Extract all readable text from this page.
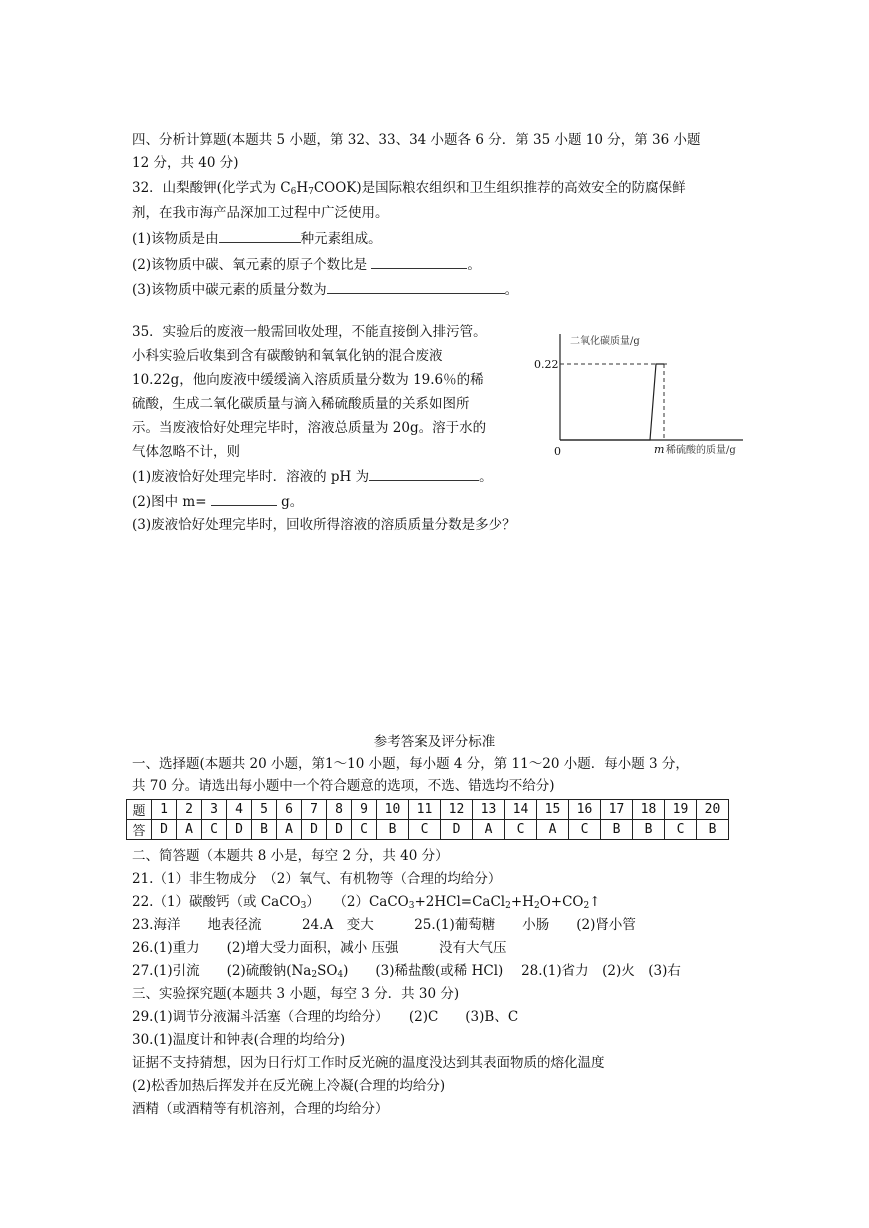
四、分析计算题(本题共 5 小题，第 32、33、34 小题各 6 分．第 35 小题 10 分，第 36 小题
12 分，共 40 分)
32．山梨酸钾(化学式为 $C_6H_7COOK$)是国际粮农组织和卫生组织推荐的高效安全的防腐保鲜
剂，在我市海产品深加工过程中广泛使用。
(1)该物质是由	种元素组成。
(2)该物质中碳、氧元素的原子个数比是	。
(3)该物质中碳元素的质量分数为	。
35．实验后的废液一般需回收处理，不能直接倒入排污管。
小科实验后收集到含有碳酸钠和氧氧化钠的混合废液
10.22g，他向废液中缓缓滴入溶质质量分数为 19.6％的稀
硫酸，生成二氧化碳质量与滴入稀硫酸质量的关系如图所
示。当废液恰好处理完毕时，溶液总质量为 20g。溶于水的
气体忽略不计，则
(1)废液恰好处理完毕时．溶液的 pH 为	。
(2)图中 m=	g。
(3)废液恰好处理完毕时，回收所得溶液的溶质质量分数是多少？
二氧化碳质量/g
0.22
0	m 稀硫酸的质量/g
参考答案及评分标准
一、选择题(本题共 20 小题，第1～10 小题，每小题 4 分，第 11～20 小题．每小题 3 分，
共 70 分。请选出每小题中一个符合题意的选项，不选、错选均不给分)
题	1	2	3	4	5	6	7	8	9	10	11	12	13	14	15	16	17	18	19	20
答	D	A	C	D	B	A	D	D	C	B	C	D	A	C	A	C	B	B	C	B
二、简答题（本题共 8 小是，每空 2 分，共 40 分）
21.（1）非生物成分　（2）氧气、有机物等（合理的均给分）
22.（1）碳酸钙（或 CaCO$_3$）　　$(2)CaCO_3+2HCl=CaCl_2+H_2O+CO_2↑$
23.海洋　　地表径流　　　24.A　变大　　　25.(1)葡萄糖　　小肠　　(2)肾小管
26.(1)重力　　(2)增大受力面积，减小 压强　　　没有大气压
27.(1)引流　　(2)硫酸钠$(Na_2SO_4)$　　(3)稀盐酸(或稀 HCl)　 28.(1)省力　(2)火　(3)右
三、实验探究题(本题共 3 小题，每空 3 分．共 30 分)
29.(1)调节分液漏斗活塞（合理的均给分）　　(2)C　　(3)B、C
30.(1)温度计和钟表(合理的均给分)
证据不支持猜想，因为日行灯工作时反光碗的温度没达到其表面物质的熔化温度
(2)松香加热后挥发并在反光碗上冷凝(合理的均给分)
酒精（或酒精等有机溶剂，合理的均给分）
